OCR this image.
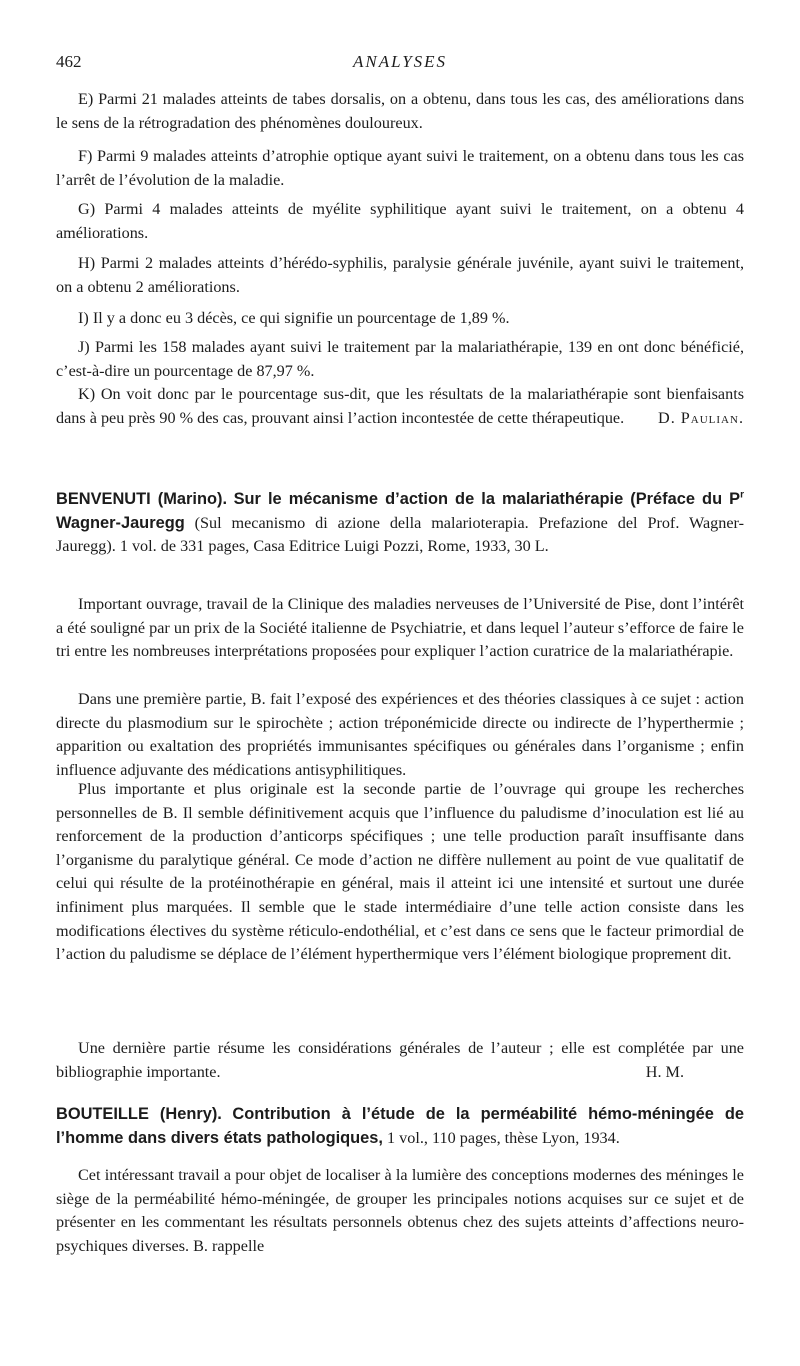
462	ANALYSES

E) Parmi 21 malades atteints de tabes dorsalis, on a obtenu, dans tous les cas, des améliorations dans le sens de la rétrogradation des phénomènes douloureux.

F) Parmi 9 malades atteints d’atrophie optique ayant suivi le traitement, on a obtenu dans tous les cas l’arrêt de l’évolution de la maladie.

G) Parmi 4 malades atteints de myélite syphilitique ayant suivi le traitement, on a obtenu 4 améliorations.

H) Parmi 2 malades atteints d’hérédo-syphilis, paralysie générale juvénile, ayant suivi le traitement, on a obtenu 2 améliorations.

I) Il y a donc eu 3 décès, ce qui signifie un pourcentage de 1,89 %.

J) Parmi les 158 malades ayant suivi le traitement par la malariathérapie, 139 en ont donc bénéficié, c’est-à-dire un pourcentage de 87,97 %.

K) On voit donc par le pourcentage sus-dit, que les résultats de la malariathérapie sont bienfaisants dans à peu près 90 % des cas, prouvant ainsi l’action incontestée de cette thérapeutique.	D. Paulian.

BENVENUTI (Marino). Sur le mécanisme d’action de la malariathérapie (Préface du $P^r$ Wagner-Jauregg (Sul mecanismo di azione della malarioterapia. Prefazione del Prof. Wagner-Jauregg). 1 vol. de 331 pages, Casa Editrice Luigi Pozzi, Rome, 1933, 30 L.

Important ouvrage, travail de la Clinique des maladies nerveuses de l’Université de Pise, dont l’intérêt a été souligné par un prix de la Société italienne de Psychiatrie, et dans lequel l’auteur s’efforce de faire le tri entre les nombreuses interprétations proposées pour expliquer l’action curatrice de la malariathérapie.

Dans une première partie, B. fait l’exposé des expériences et des théories classiques à ce sujet : action directe du plasmodium sur le spirochète ; action tréponémicide directe ou indirecte de l’hyperthermie ; apparition ou exaltation des propriétés immunisantes spécifiques ou générales dans l’organisme ; enfin influence adjuvante des médications antisyphilitiques.

Plus importante et plus originale est la seconde partie de l’ouvrage qui groupe les recherches personnelles de B. Il semble définitivement acquis que l’influence du paludisme d’inoculation est lié au renforcement de la production d’anticorps spécifiques ; une telle production paraît insuffisante dans l’organisme du paralytique général. Ce mode d’action ne diffère nullement au point de vue qualitatif de celui qui résulte de la protéinothérapie en général, mais il atteint ici une intensité et surtout une durée infiniment plus marquées. Il semble que le stade intermédiaire d’une telle action consiste dans les modifications électives du système réticulo-endothélial, et c’est dans ce sens que le facteur primordial de l’action du paludisme se déplace de l’élément hyperthermique vers l’élément biologique proprement dit.

Une dernière partie résume les considérations générales de l’auteur ; elle est complétée par une bibliographie importante.	H. M.

BOUTEILLE (Henry). Contribution à l’étude de la perméabilité hémo-méningée de l’homme dans divers états pathologiques, 1 vol., 110 pages, thèse Lyon, 1934.

Cet intéressant travail a pour objet de localiser à la lumière des conceptions modernes des méninges le siège de la perméabilité hémo-méningée, de grouper les principales notions acquises sur ce sujet et de présenter en les commentant les résultats personnels obtenus chez des sujets atteints d’affections neuro-psychiques diverses. B. rappelle
